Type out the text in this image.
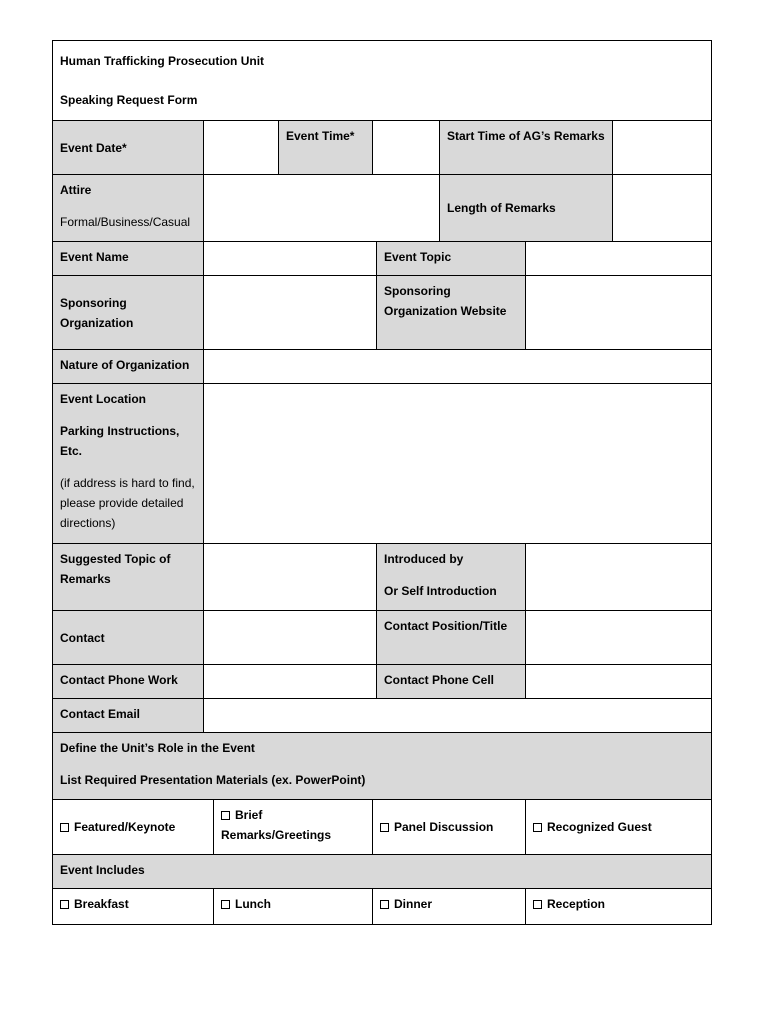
Human Trafficking Prosecution Unit
Speaking Request Form								

Event Date*			Event Time*			Start Time of AG’s Remarks		
Attire
Formal/Business/Casual						Length of Remarks		
Event Name					Event Topic			
Sponsoring Organization					Sponsoring Organization Website			
Nature of Organization								
Event Location
Parking Instructions, Etc.
(if address is hard to find, please provide detailed directions)								

Suggested Topic of Remarks					Introduced by
Or Self Introduction			

Contact					Contact Position/Title			
Contact Phone Work					Contact Phone Cell			
Contact Email								
Define the Unit’s Role in the Event
List Required Presentation Materials (ex. PowerPoint)								

Featured/Keynote		Brief Remarks/Greetings		Panel Discussion			Recognized Guest	
Event Includes								
Breakfast		Lunch		Dinner			Reception	
